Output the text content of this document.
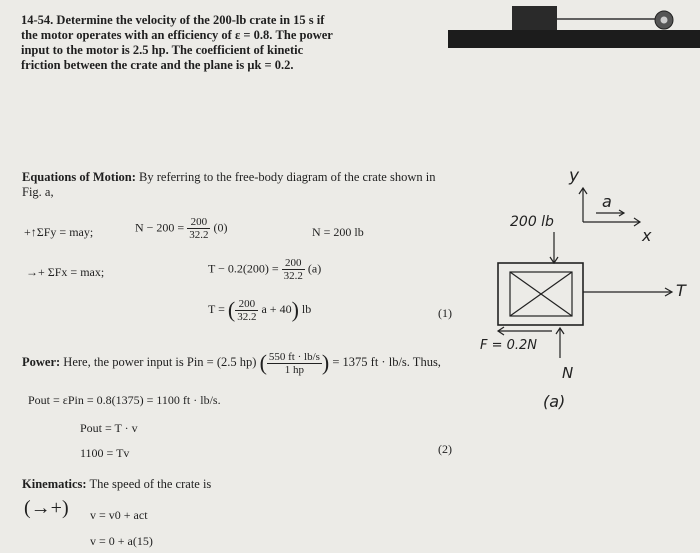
14-54. Determine the velocity of the 200-lb crate in 15 s if
the motor operates with an efficiency of ε = 0.8. The power
input to the motor is 2.5 hp. The coefficient of kinetic
friction between the crate and the plane is μk = 0.2.
y
x
a
200 lb
T
F = 0.2N
N
(a)
Equations of Motion: By referring to the free-body diagram of the crate shown in
Fig. a,
+↑ΣFy = may;	$N - 200 = \frac{200}{32.2} (0)$	N = 200 lb
→+ ΣFx = max;	$T - 0.2(200) = \frac{200}{32.2} (a)$
T = ( $\frac{200}{32.2}$ a + 40) lb	(1)
Power: Here, the power input is Pin = (2.5 hp) ( $\frac{550 ft \cdot lb/s}{1 hp}$ ) = 1375 ft · lb/s. Thus,
Pout = εPin = 0.8(1375) = 1100 ft · lb/s.
Pout = T · v
1100 = Tv	(2)
Kinematics: The speed of the crate is
(→+) v = v0 + act
v = 0 + a(15)
